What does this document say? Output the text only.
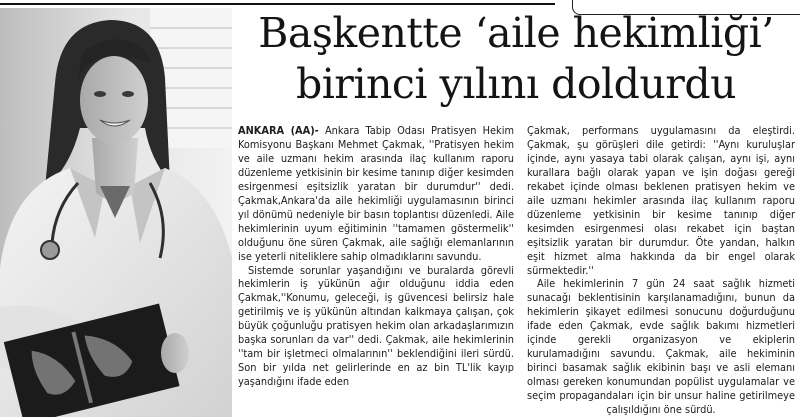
Başkentte ‘aile hekimliği’
birinci yılını doldurdu

ANKARA (AA)- Ankara Tabip Odası Pratisyen Hekim Komisyonu Başkanı Mehmet Çakmak, ''Pratisyen hekim ve aile uzmanı hekim arasında ilaç kullanım raporu düzenleme yetkisinin bir kesime tanınıp diğer kesimden esirgenmesi eşitsizlik yaratan bir durumdur'' dedi. Çakmak,Ankara'da aile hekimliği uygulamasının birinci yıl dönümü nedeniyle bir basın toplantısı düzenledi. Aile hekimlerinin uyum eğitiminin ''tamamen göstermelik'' olduğunu öne süren Çakmak, aile sağlığı elemanlarının ise yeterli niteliklere sahip olmadıklarını savundu.

Sistemde sorunlar yaşandığını ve buralarda görevli hekimlerin iş yükünün ağır olduğunu iddia eden Çakmak,''Konumu, geleceği, iş güvencesi belirsiz hale getirilmiş ve iş yükünün altından kalkmaya çalışan, çok büyük çoğunluğu pratisyen hekim olan arkadaşlarımızın başka sorunları da var'' dedi. Çakmak, aile hekimlerinin ''tam bir işletmeci olmalarının'' beklendiğini ileri sürdü. Son bir yılda net gelirlerinde en az bin TL'lik kayıp yaşandığını ifade eden

Çakmak, performans uygulamasını da eleştirdi. Çakmak, şu görüşleri dile getirdi: ''Aynı kuruluşlar içinde, aynı yasaya tabi olarak çalışan, aynı işi, aynı kurallara bağlı olarak yapan ve işin doğası gereği rekabet içinde olması beklenen pratisyen hekim ve aile uzmanı hekimler arasında ilaç kullanım raporu düzenleme yetkisinin bir kesime tanınıp diğer kesimden esirgenmesi olası rekabet için baştan eşitsizlik yaratan bir durumdur. Öte yandan, halkın eşit hizmet alma hakkında da bir engel olarak sürmektedir.''

Aile hekimlerinin 7 gün 24 saat sağlık hizmeti sunacağı beklentisinin karşılanamadığını, bunun da hekimlerin şikayet edilmesi sonucunu doğurduğunu ifade eden Çakmak, evde sağlık bakımı hizmetleri içinde gerekli organizasyon ve ekiplerin kurulamadığını savundu. Çakmak, aile hekiminin birinci basamak sağlık ekibinin başı ve asli elemanı olması gereken konumundan popülist uygulamalar ve seçim propagandaları için bir unsur haline getirilmeye çalışıldığını öne sürdü.
